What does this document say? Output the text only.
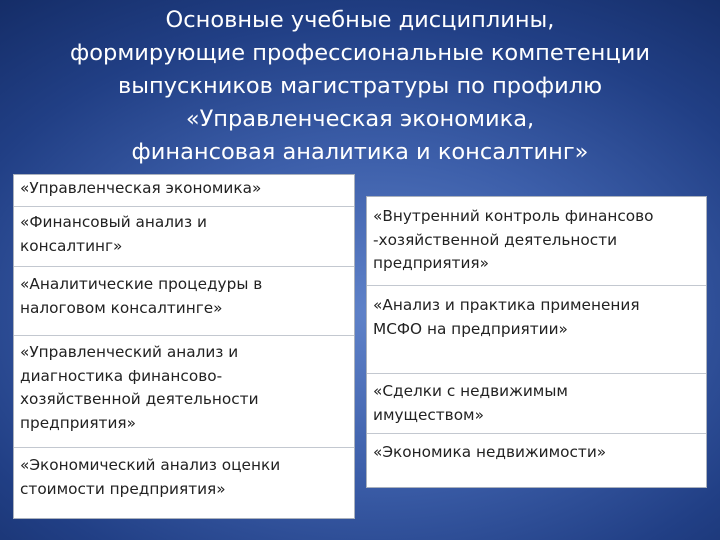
Основные учебные дисциплины,
формирующие профессиональные компетенции
выпускников магистратуры по профилю
«Управленческая экономика,
финансовая аналитика и консалтинг»
«Управленческая экономика»
«Финансовый анализ и
консалтинг»
«Аналитические процедуры в
налоговом консалтинге»
«Управленческий анализ и
диагностика финансово-
хозяйственной деятельности
предприятия»
«Экономический анализ оценки
стоимости предприятия»
«Внутренний контроль финансово
-хозяйственной деятельности
предприятия»
«Анализ и практика применения
МСФО на предприятии»
«Сделки с недвижимым
имуществом»
«Экономика недвижимости»
